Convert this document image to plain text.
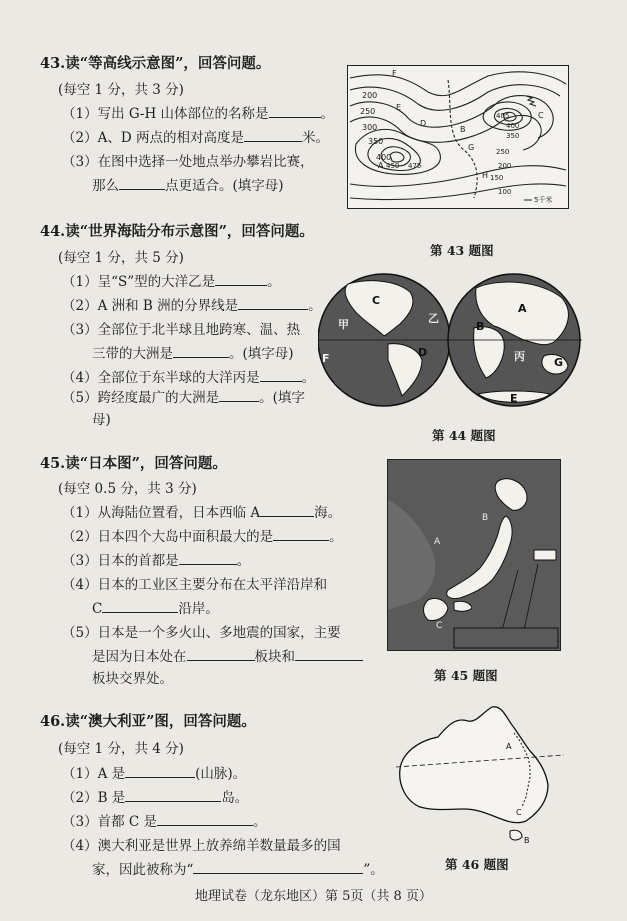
43.读“等高线示意图”，回答问题。
(每空 1 分，共 3 分)
（1）写出 G-H 山体部位的名称是	。
（2）A、D 两点的相对高度是	米。
（3）在图中选择一处地点举办攀岩比赛，
那么	点更适合。(填字母)
200
250
300
350
400
450 475
405
400
350
250
200
150
100
F
E
D
B
A
C
G
H
5千米
第 43 题图
44.读“世界海陆分布示意图”，回答问题。
(每空 1 分，共 5 分)
（1）呈“S”型的大洋乙是	。
（2）A 洲和 B 洲的分界线是	。
（3）全部位于北半球且地跨寒、温、热
三带的大洲是	。(填字母)
（4）全部位于东半球的大洋丙是	。
（5）跨经度最广的大洲是	。(填字
母)
C
甲	乙
D
F
A
B
丙	G
E
第 44 题图
45.读“日本图”，回答问题。
(每空 0.5 分，共 3 分)
（1）从海陆位置看，日本西临 A	海。
（2）日本四个大岛中面积最大的是	。
（3）日本的首都是	。
（4）日本的工业区主要分布在太平洋沿岸和
C	沿岸。
（5）日本是一个多火山、多地震的国家，主要
是因为日本处在	板块和
板块交界处。
A
B
C
第 45 题图
46.读“澳大利亚”图，回答问题。
(每空 1 分，共 4 分)
（1）A 是	(山脉)。
（2）B 是	岛。
（3）首都 C 是	。
（4）澳大利亚是世界上放养绵羊数量最多的国
家，因此被称为“	”。
A
B
C
第 46 题图
地理试卷（龙东地区）第 5页（共 8 页）
